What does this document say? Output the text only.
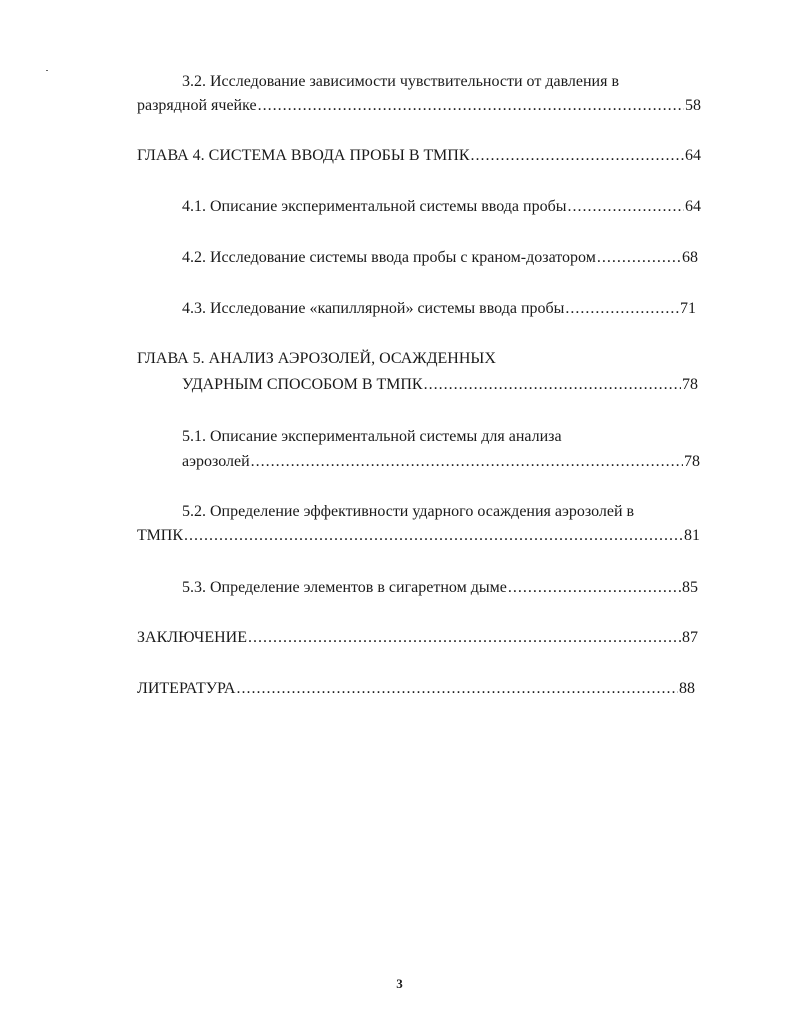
3.2. Исследование зависимости чувствительности от давления в
разрядной ячейке .....	58
ГЛАВА 4. СИСТЕМА ВВОДА ПРОБЫ В ТМПК .....	64
4.1. Описание экспериментальной системы ввода пробы .....	64
4.2. Исследование системы ввода пробы с краном-дозатором .....	68
4.3. Исследование «капиллярной» системы ввода пробы .....	71
ГЛАВА 5. АНАЛИЗ АЭРОЗОЛЕЙ, ОСАЖДЕННЫХ
УДАРНЫМ СПОСОБОМ В ТМПК .....	78
5.1. Описание экспериментальной системы для анализа
аэрозолей .....	78
5.2. Определение эффективности ударного осаждения аэрозолей в
ТМПК .....	81
5.3. Определение элементов в сигаретном дыме .....	85
ЗАКЛЮЧЕНИЕ .....	87
ЛИТЕРАТУРА .....	88
3
